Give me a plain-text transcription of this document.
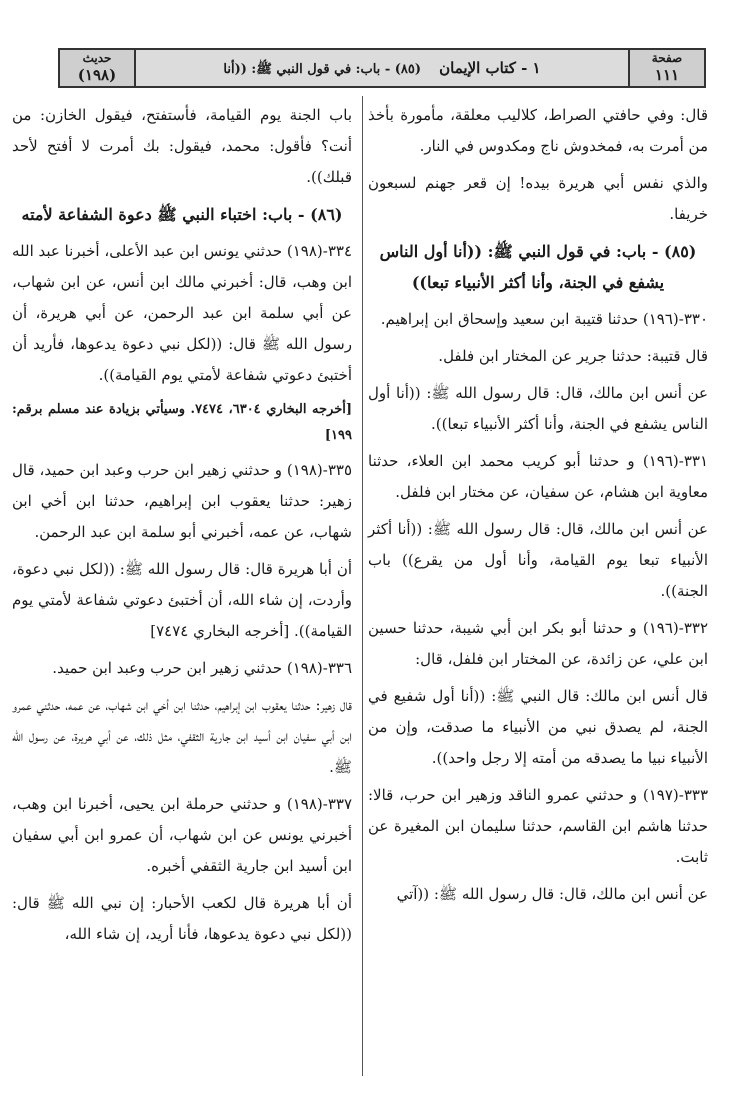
صفحة
١١١
١ - كتاب الإيمان    (٨٥) - باب: في قول النبي ﷺ: ((أنا
حديث
(١٩٨)

قال: وفي حافتي الصراط، كلاليب معلقة، مأمورة بأخذ من أمرت به، فمخدوش ناج ومكدوس في النار.

والذي نفس أبي هريرة بيده! إن قعر جهنم لسبعون خريفا.

(٨٥) - باب: في قول النبي ﷺ: ((أنا أول الناس يشفع في الجنة، وأنا أكثر الأنبياء تبعا))

٣٣٠-(١٩٦) حدثنا قتيبة ابن سعيد وإسحاق ابن إبراهيم.

قال قتيبة: حدثنا جرير عن المختار ابن فلفل.

عن أنس ابن مالك، قال: قال رسول الله ﷺ: ((أنا أول الناس يشفع في الجنة، وأنا أكثر الأنبياء تبعا)).

٣٣١-(١٩٦) و حدثنا أبو كريب محمد ابن العلاء، حدثنا معاوية ابن هشام، عن سفيان، عن مختار ابن فلفل.

عن أنس ابن مالك، قال: قال رسول الله ﷺ: ((أنا أكثر الأنبياء تبعا يوم القيامة، وأنا أول من يقرع)) باب الجنة)).

٣٣٢-(١٩٦) و حدثنا أبو بكر ابن أبي شيبة، حدثنا حسين ابن علي، عن زائدة، عن المختار ابن فلفل، قال:

قال أنس ابن مالك: قال النبي ﷺ: ((أنا أول شفيع في الجنة، لم يصدق نبي من الأنبياء ما صدقت، وإن من الأنبياء نبيا ما يصدقه من أمته إلا رجل واحد)).

٣٣٣-(١٩٧) و حدثني عمرو الناقد وزهير ابن حرب، قالا: حدثنا هاشم ابن القاسم، حدثنا سليمان ابن المغيرة عن ثابت.

عن أنس ابن مالك، قال: قال رسول الله ﷺ: ((آتي

باب الجنة يوم القيامة، فأستفتح، فيقول الخازن: من أنت؟ فأقول: محمد، فيقول: بك أمرت لا أفتح لأحد قبلك)).

(٨٦) - باب: اختباء النبي ﷺ دعوة الشفاعة لأمته

٣٣٤-(١٩٨) حدثني يونس ابن عبد الأعلى، أخبرنا عبد الله ابن وهب، قال: أخبرني مالك ابن أنس، عن ابن شهاب، عن أبي سلمة ابن عبد الرحمن، عن أبي هريرة، أن رسول الله ﷺ قال: ((لكل نبي دعوة يدعوها، فأريد أن أختبئ دعوتي شفاعة لأمتي يوم القيامة)).

[أخرجه البخاري ٦٣٠٤، ٧٤٧٤. وسيأتي بزيادة عند مسلم برقم: ١٩٩]

٣٣٥-(١٩٨) و حدثني زهير ابن حرب وعبد ابن حميد، قال زهير: حدثنا يعقوب ابن إبراهيم، حدثنا ابن أخي ابن شهاب، عن عمه، أخبرني أبو سلمة ابن عبد الرحمن.

أن أبا هريرة قال: قال رسول الله ﷺ: ((لكل نبي دعوة، وأردت، إن شاء الله، أن أختبئ دعوتي شفاعة لأمتي يوم القيامة)). [أخرجه البخاري ٧٤٧٤]

٣٣٦-(١٩٨) حدثني زهير ابن حرب وعبد ابن حميد.

قال زهير: حدثنا يعقوب ابن إبراهيم، حدثنا ابن أخي ابن شهاب، عن عمه، حدثني عمرو ابن أبي سفيان ابن أسيد ابن جارية الثقفي، مثل ذلك، عن أبي هريرة، عن رسول الله ﷺ.

٣٣٧-(١٩٨) و حدثني حرملة ابن يحيى، أخبرنا ابن وهب، أخبرني يونس عن ابن شهاب، أن عمرو ابن أبي سفيان ابن أسيد ابن جارية الثقفي أخبره.

أن أبا هريرة قال لكعب الأحبار: إن نبي الله ﷺ قال: ((لكل نبي دعوة يدعوها، فأنا أريد، إن شاء الله،
